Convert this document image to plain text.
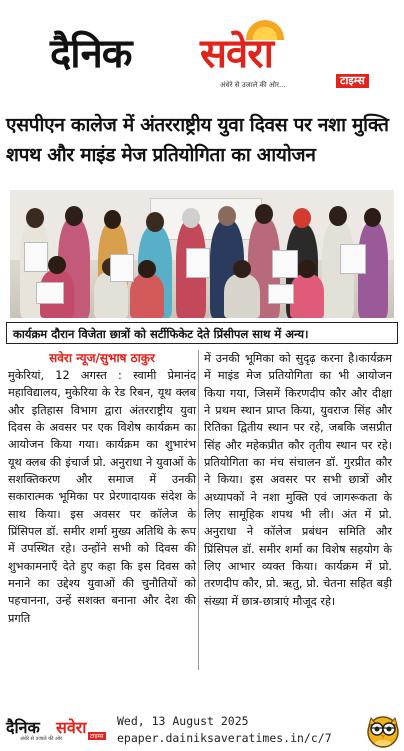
दैनिक सवेरा
अंधेरे से उजाले की ओर...	टाइम्स
एसपीएन कालेज में अंतरराष्ट्रीय युवा दिवस पर नशा मुक्ति शपथ और माइंड मेज प्रतियोगिता का आयोजन
कार्यक्रम दौरान विजेता छात्रों को सर्टीफिकेट देते प्रिंसीपल साथ में अन्य।
सवेरा न्यूज/सुभाष ठाकुर
मुकेरियां, 12 अगस्त : स्वामी प्रेमानंद महाविद्यालय, मुकेरिया के रेड रिबन, यूथ क्लब और इतिहास विभाग द्वारा अंतरराष्ट्रीय युवा दिवस के अवसर पर एक विशेष कार्यक्रम का आयोजन किया गया। कार्यक्रम का शुभारंभ यूथ क्लब की इंचार्ज प्रो. अनुराधा ने युवाओं के सशक्तिकरण और समाज में उनकी सकारात्मक भूमिका पर प्रेरणादायक संदेश के साथ किया। इस अवसर पर कॉलेज के प्रिंसिपल डॉ. समीर शर्मा मुख्य अतिथि के रूप में उपस्थित रहे। उन्होंने सभी को दिवस की शुभकामनाएँ देते हुए कहा कि इस दिवस को मनाने का उद्देश्य युवाओं की चुनौतियों को पहचानना, उन्हें सशक्त बनाना और देश की प्रगति
में उनकी भूमिका को सुदृढ़ करना है।कार्यक्रम में माइंड मेज प्रतियोगिता का भी आयोजन किया गया, जिसमें किरणदीप कौर और दीक्षा ने प्रथम स्थान प्राप्त किया, युवराज सिंह और रितिका द्वितीय स्थान पर रहे, जबकि जसप्रीत सिंह और महेकप्रीत कौर तृतीय स्थान पर रहे। प्रतियोगिता का मंच संचालन डॉ. गुरप्रीत कौर ने किया। इस अवसर पर सभी छात्रों और अध्यापकों ने नशा मुक्ति एवं जागरूकता के लिए सामूहिक शपथ भी ली। अंत में प्रो. अनुराधा ने कॉलेज प्रबंधन समिति और प्रिंसिपल डॉ. समीर शर्मा का विशेष सहयोग के लिए आभार व्यक्त किया। कार्यक्रम में प्रो. तरणदीप कौर, प्रो. ऋतु, प्रो. चेतना सहित बड़ी संख्या में छात्र-छात्राएं मौजूद रहे।
दैनिक सवेरा
अंधेरे से उजाले की ओर	टाइम्स
Wed, 13 August 2025
epaper.dainiksaveratimes.in/c/7
